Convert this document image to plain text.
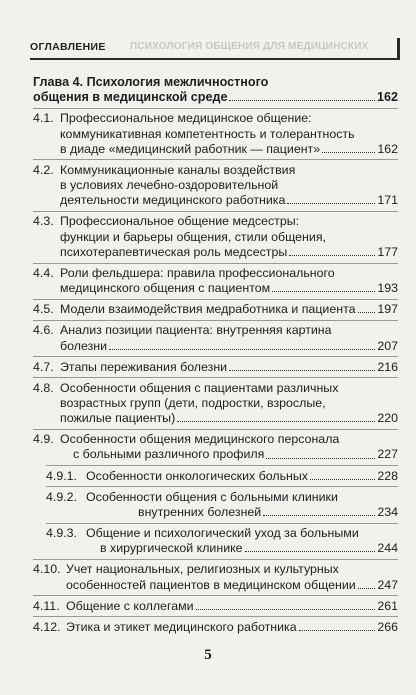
ОГЛАВЛЕНИЕ ПСИХОЛОГИЯ ОБЩЕНИЯ ДЛЯ МЕДИЦИНСКИХ
Глава 4. Психология межличностного
общения в медицинской среде	162
4.1. Профессиональное медицинское общение:
коммуникативная компетентность и толерантность
в диаде «медицинский работник — пациент»	162
4.2. Коммуникационные каналы воздействия
в условиях лечебно-оздоровительной
деятельности медицинского работника	171
4.3. Профессиональное общение медсестры:
функции и барьеры общения, стили общения,
психотерапевтическая роль медсестры	177
4.4. Роли фельдшера: правила профессионального
медицинского общения с пациентом	193
4.5. Модели взаимодействия медработника и пациента 197
4.6. Анализ позиции пациента: внутренняя картина
болезни	207
4.7. Этапы переживания болезни	216
4.8. Особенности общения с пациентами различных
возрастных групп (дети, подростки, взрослые,
пожилые пациенты)	220
4.9. Особенности общения медицинского персонала
с больными различного профиля	227
4.9.1. Особенности онкологических больных	228
4.9.2. Особенности общения с больными клиники
внутренних болезней	234
4.9.3. Общение и психологический уход за больными
в хирургической клинике	244
4.10. Учет национальных, религиозных и культурных
особенностей пациентов в медицинском общении 247
4.11. Общение с коллегами	261
4.12. Этика и этикет медицинского работника	266
5
